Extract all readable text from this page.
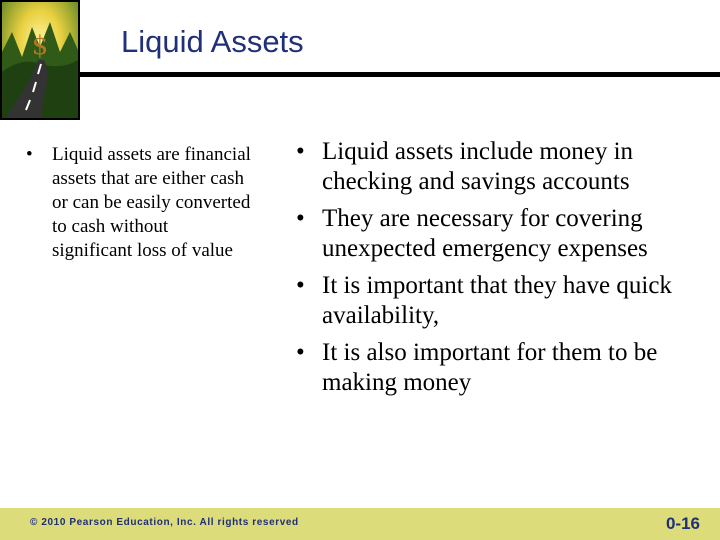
$ Liquid Assets
• Liquid assets are financial assets that are either cash or can be easily converted to cash without significant loss of value
• Liquid assets include money in checking and savings accounts
• They are necessary for covering unexpected emergency expenses
• It is important that they have quick availability,
• It is also important for them to be making money
© 2010 Pearson Education, Inc. All rights reserved	0-16
